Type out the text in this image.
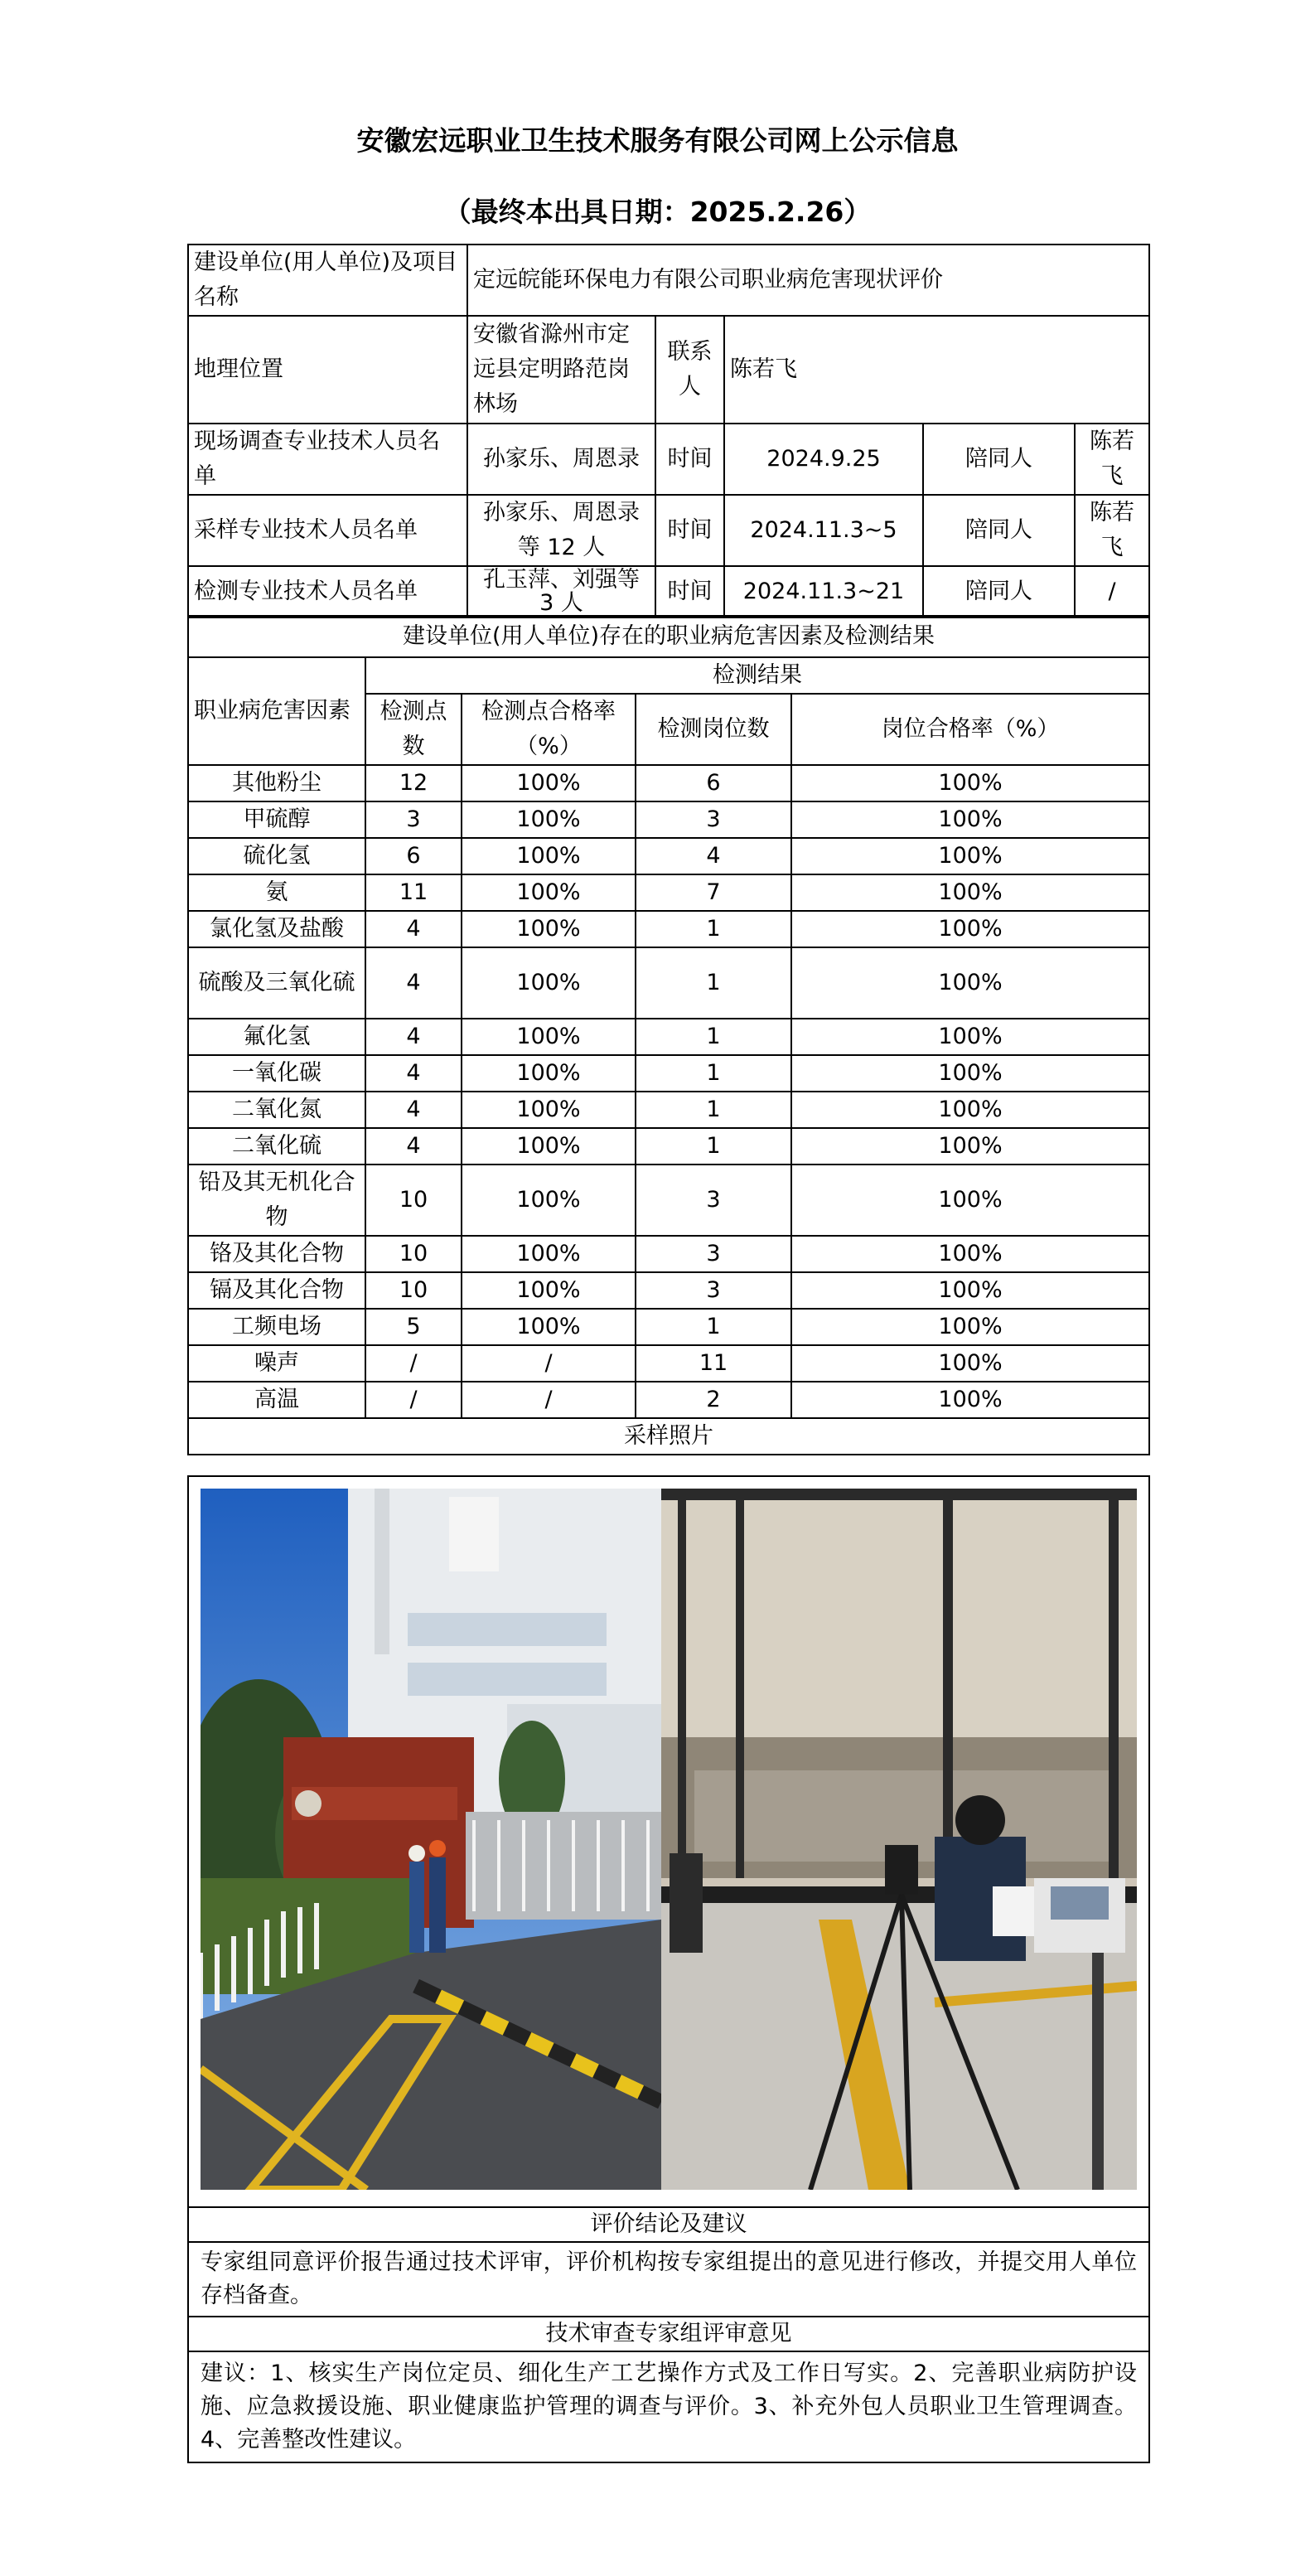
安徽宏远职业卫生技术服务有限公司网上公示信息
（最终本出具日期：2025.2.26）
建设单位(用人单位)及项目名称	定远皖能环保电力有限公司职业病危害现状评价				
地理位置	安徽省滁州市定远县定明路范岗林场	联系人	陈若飞		
现场调查专业技术人员名单	孙家乐、周恩录	时间	2024.9.25	陪同人	陈若飞
采样专业技术人员名单	孙家乐、周恩录等 12 人	时间	2024.11.3~5	陪同人	陈若飞
检测专业技术人员名单	孔玉萍、刘强等 3 人	时间	2024.11.3~21	陪同人	/
建设单位(用人单位)存在的职业病危害因素及检测结果				
职业病危害因素	检测结果			
	检测点数	检测点合格率（%）	检测岗位数	岗位合格率（%）
其他粉尘	12	100%	6	100%
甲硫醇	3	100%	3	100%
硫化氢	6	100%	4	100%
氨	11	100%	7	100%
氯化氢及盐酸	4	100%	1	100%
硫酸及三氧化硫	4	100%	1	100%
氟化氢	4	100%	1	100%
一氧化碳	4	100%	1	100%
二氧化氮	4	100%	1	100%
二氧化硫	4	100%	1	100%
铅及其无机化合物	10	100%	3	100%
铬及其化合物	10	100%	3	100%
镉及其化合物	10	100%	3	100%
工频电场	5	100%	1	100%
噪声	/	/	11	100%
高温	/	/	2	100%
采样照片				
评价结论及建议
专家组同意评价报告通过技术评审，评价机构按专家组提出的意见进行修改，并提交用人单位存档备查。
技术审查专家组评审意见
建议：1、核实生产岗位定员、细化生产工艺操作方式及工作日写实。2、完善职业病防护设施、应急救援设施、职业健康监护管理的调查与评价。3、补充外包人员职业卫生管理调查。4、完善整改性建议。
